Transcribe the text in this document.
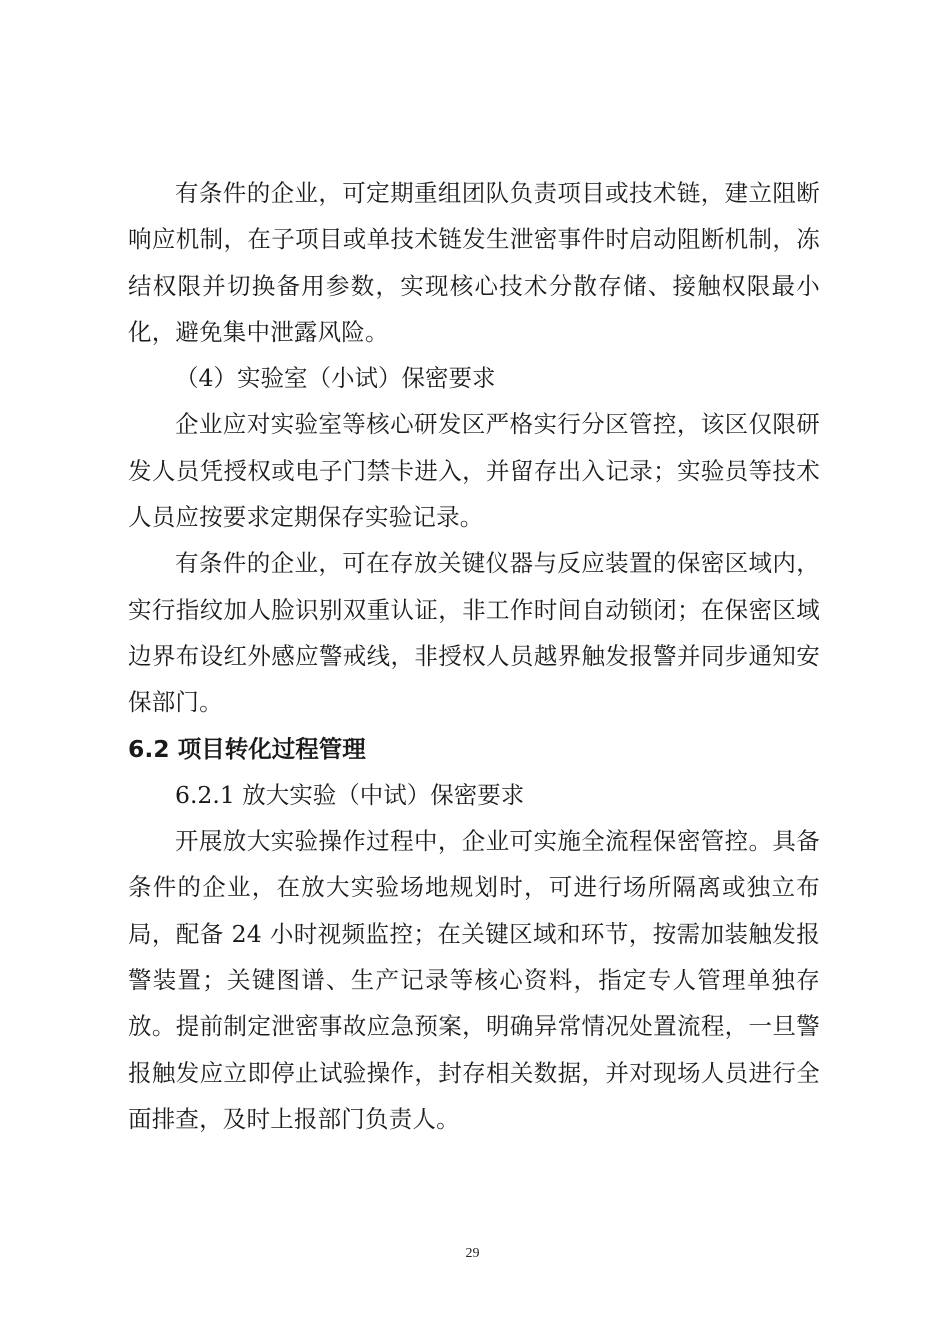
有条件的企业，可定期重组团队负责项目或技术链，建立阻断响应机制，在子项目或单技术链发生泄密事件时启动阻断机制，冻结权限并切换备用参数，实现核心技术分散存储、接触权限最小化，避免集中泄露风险。

（4）实验室（小试）保密要求

企业应对实验室等核心研发区严格实行分区管控，该区仅限研发人员凭授权或电子门禁卡进入，并留存出入记录；实验员等技术人员应按要求定期保存实验记录。

有条件的企业，可在存放关键仪器与反应装置的保密区域内，实行指纹加人脸识别双重认证，非工作时间自动锁闭；在保密区域边界布设红外感应警戒线，非授权人员越界触发报警并同步通知安保部门。

6.2 项目转化过程管理

6.2.1 放大实验（中试）保密要求

开展放大实验操作过程中，企业可实施全流程保密管控。具备条件的企业，在放大实验场地规划时，可进行场所隔离或独立布局，配备 24 小时视频监控；在关键区域和环节，按需加装触发报警装置；关键图谱、生产记录等核心资料，指定专人管理单独存放。提前制定泄密事故应急预案，明确异常情况处置流程，一旦警报触发应立即停止试验操作，封存相关数据，并对现场人员进行全面排查，及时上报部门负责人。

29
